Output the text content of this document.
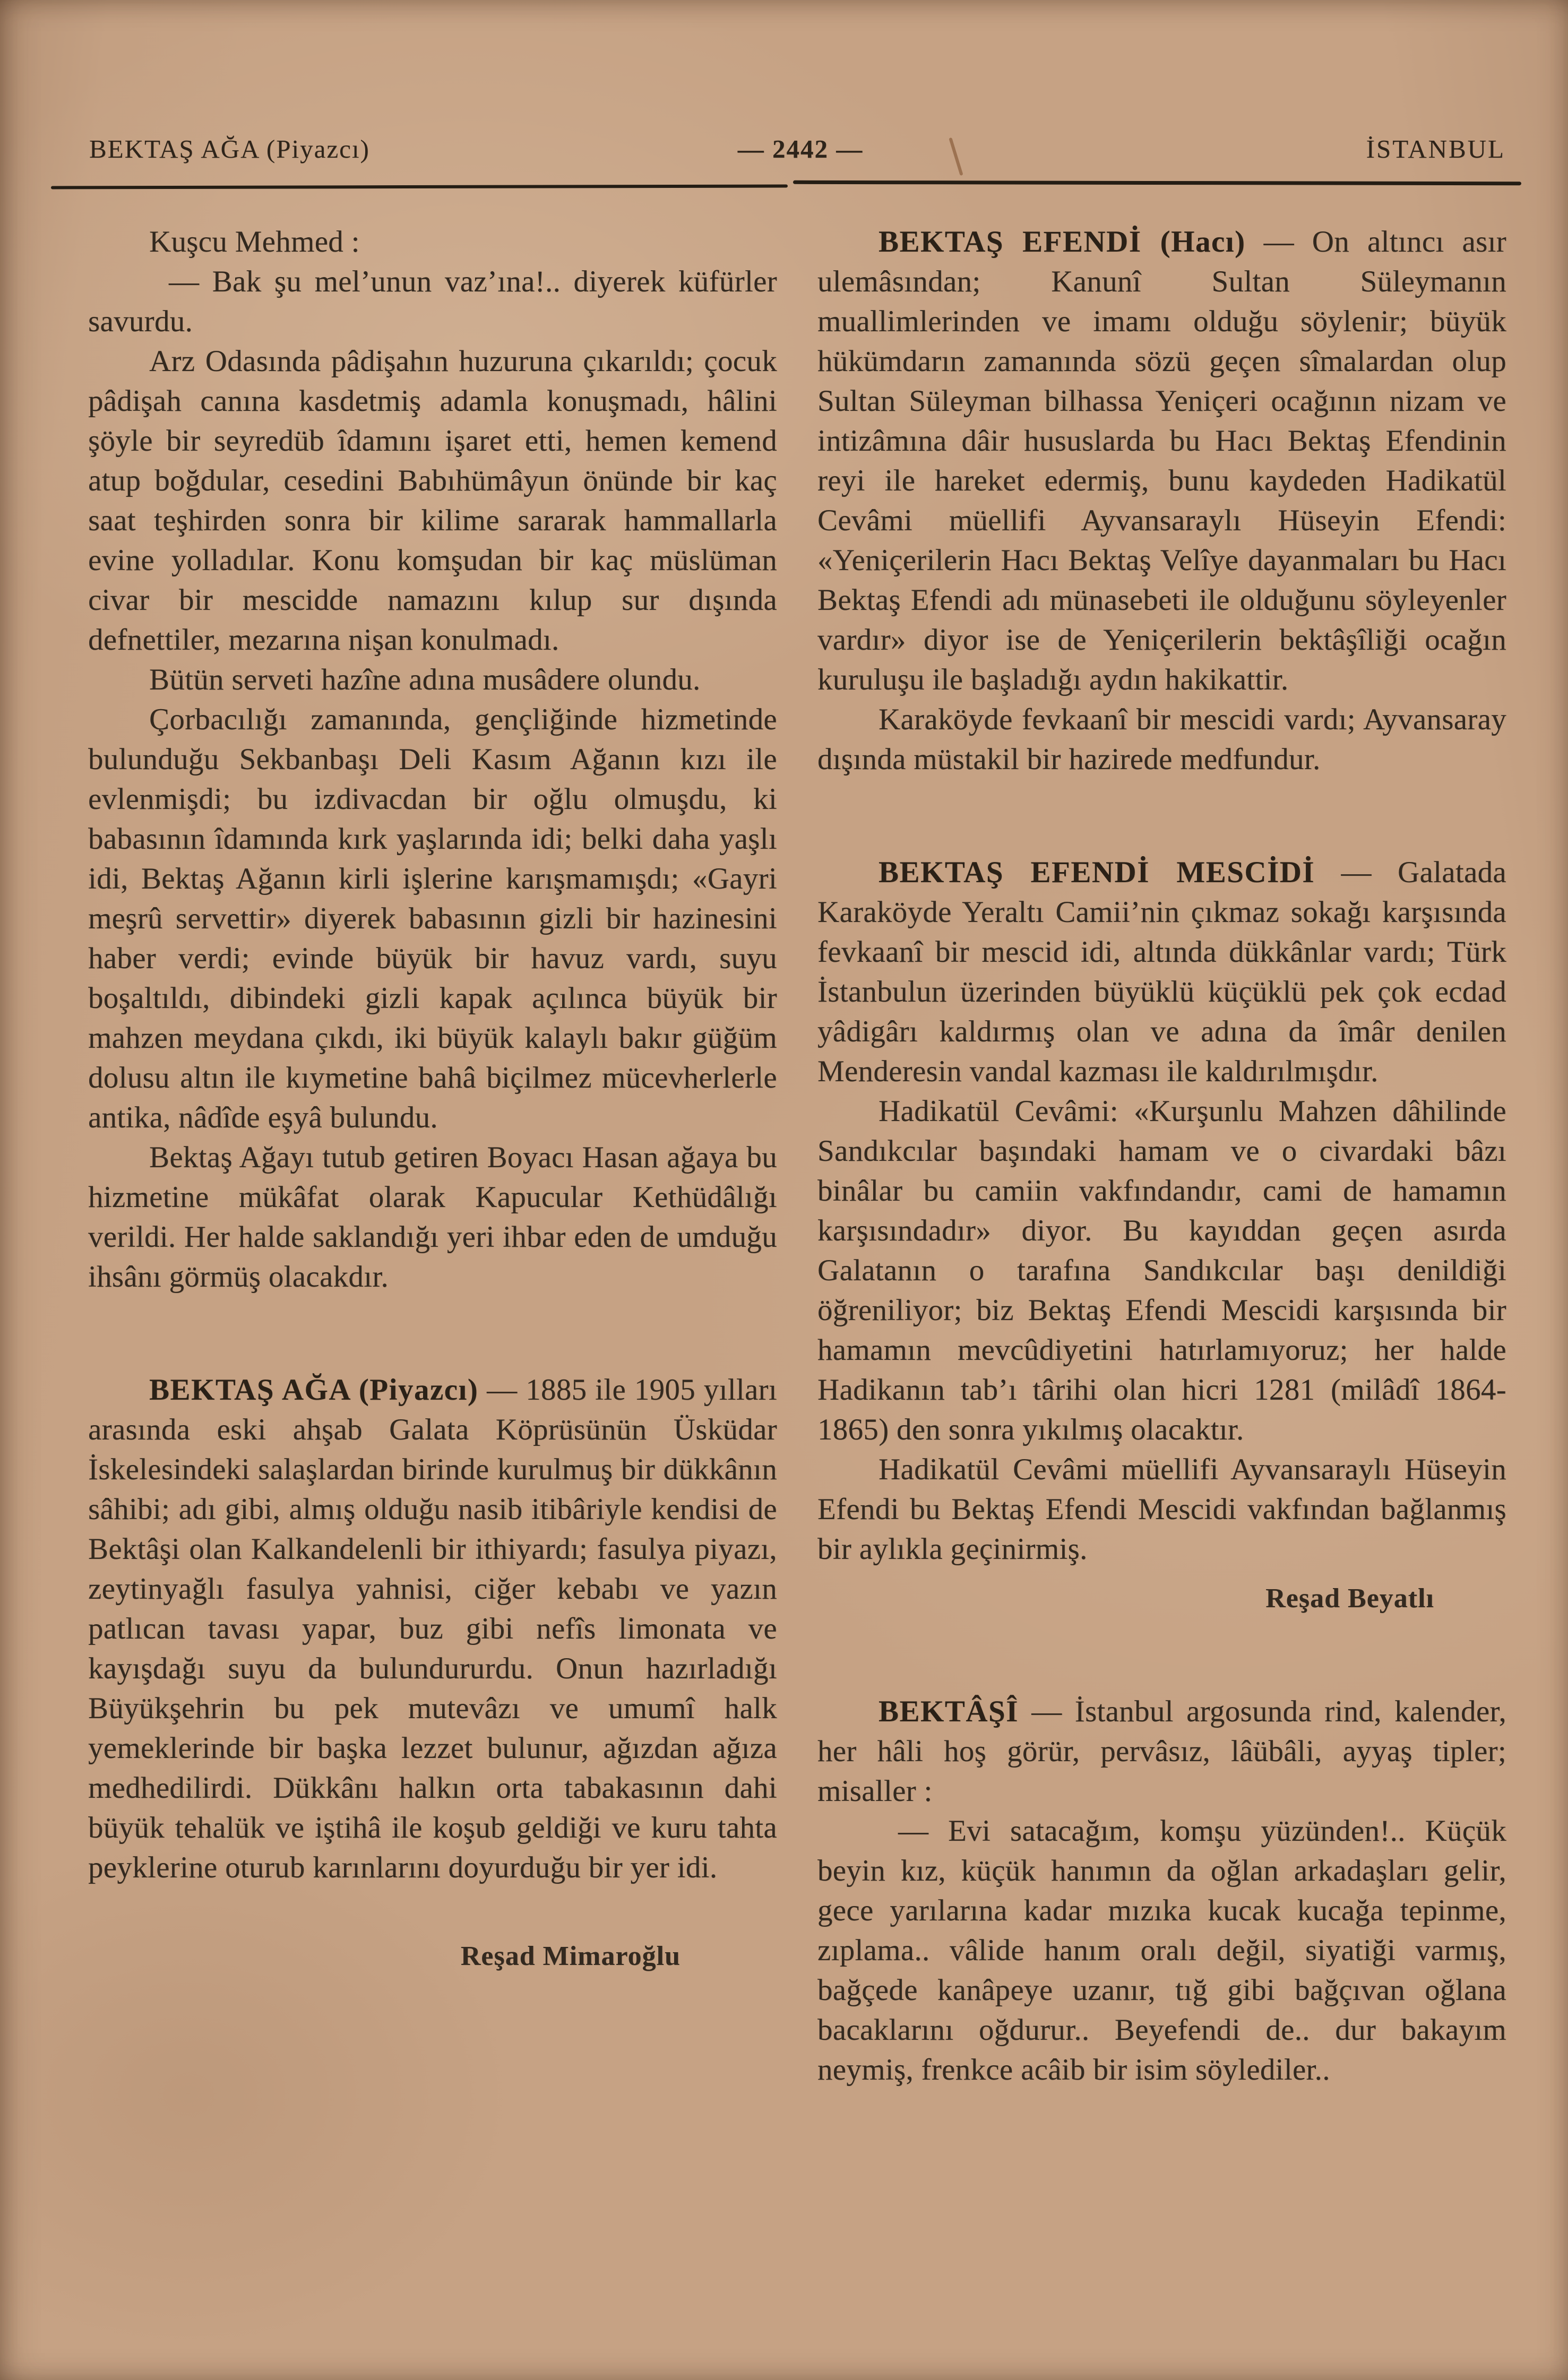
BEKTAŞ AĞA (Piyazcı)	— 2442 —	İSTANBUL

Kuşcu Mehmed :

— Bak şu mel’unun vaz’ına!.. diyerek küfürler savurdu.

Arz Odasında pâdişahın huzuruna çıkarıldı; çocuk pâdişah canına kasdetmiş adamla konuşmadı, hâlini şöyle bir seyredüb îdamını işaret etti, hemen kemend atup boğdular, cesedini Babıhümâyun önünde bir kaç saat teşhirden sonra bir kilime sararak hammallarla evine yolladılar. Konu komşudan bir kaç müslüman civar bir mescidde namazını kılup sur dışında defnettiler, mezarına nişan konulmadı.

Bütün serveti hazîne adına musâdere olundu.

Çorbacılığı zamanında, gençliğinde hizmetinde bulunduğu Sekbanbaşı Deli Kasım Ağanın kızı ile evlenmişdi; bu izdivacdan bir oğlu olmuşdu, ki babasının îdamında kırk yaşlarında idi; belki daha yaşlı idi, Bektaş Ağanın kirli işlerine karışmamışdı; «Gayri meşrû servettir» diyerek babasının gizli bir hazinesini haber verdi; evinde büyük bir havuz vardı, suyu boşaltıldı, dibindeki gizli kapak açılınca büyük bir mahzen meydana çıkdı, iki büyük kalaylı bakır güğüm dolusu altın ile kıymetine bahâ biçilmez mücevherlerle antika, nâdîde eşyâ bulundu.

Bektaş Ağayı tutub getiren Boyacı Hasan ağaya bu hizmetine mükâfat olarak Kapucular Kethüdâlığı verildi. Her halde saklandığı yeri ihbar eden de umduğu ihsânı görmüş olacakdır.

BEKTAŞ AĞA (Piyazcı) — 1885 ile 1905 yılları arasında eski ahşab Galata Köprüsünün Üsküdar İskelesindeki salaşlardan birinde kurulmuş bir dükkânın sâhibi; adı gibi, almış olduğu nasib itibâriyle kendisi de Bektâşi olan Kalkandelenli bir ithiyardı; fasulya piyazı, zeytinyağlı fasulya yahnisi, ciğer kebabı ve yazın patlıcan tavası yapar, buz gibi nefîs limonata ve kayışdağı suyu da bulundururdu. Onun hazırladığı Büyükşehrin bu pek mutevâzı ve umumî halk yemeklerinde bir başka lezzet bulunur, ağızdan ağıza medhedilirdi. Dükkânı halkın orta tabakasının dahi büyük tehalük ve iştihâ ile koşub geldiği ve kuru tahta peyklerine oturub karınlarını doyurduğu bir yer idi.

Reşad Mimaroğlu

BEKTAŞ EFENDİ (Hacı) — On altıncı asır ulemâsından; Kanunî Sultan Süleymanın muallimlerinden ve imamı olduğu söylenir; büyük hükümdarın zamanında sözü geçen sîmalardan olup Sultan Süleyman bilhassa Yeniçeri ocağının nizam ve intizâmına dâir hususlarda bu Hacı Bektaş Efendinin reyi ile hareket edermiş, bunu kaydeden Hadikatül Cevâmi müellifi Ayvansaraylı Hüseyin Efendi: «Yeniçerilerin Hacı Bektaş Velîye dayanmaları bu Hacı Bektaş Efendi adı münasebeti ile olduğunu söyleyenler vardır» diyor ise de Yeniçerilerin bektâşîliği ocağın kuruluşu ile başladığı aydın hakikattir.

Karaköyde fevkaanî bir mescidi vardı; Ayvansaray dışında müstakil bir hazirede medfundur.

BEKTAŞ EFENDİ MESCİDİ — Galatada Karaköyde Yeraltı Camii’nin çıkmaz sokağı karşısında fevkaanî bir mescid idi, altında dükkânlar vardı; Türk İstanbulun üzerinden büyüklü küçüklü pek çok ecdad yâdigârı kaldırmış olan ve adına da îmâr denilen Menderesin vandal kazması ile kaldırılmışdır.

Hadikatül Cevâmi: «Kurşunlu Mahzen dâhilinde Sandıkcılar başındaki hamam ve o civardaki bâzı binâlar bu camiin vakfındandır, cami de hamamın karşısındadır» diyor. Bu kayıddan geçen asırda Galatanın o tarafına Sandıkcılar başı denildiği öğreniliyor; biz Bektaş Efendi Mescidi karşısında bir hamamın mevcûdiyetini hatırlamıyoruz; her halde Hadikanın tab’ı târihi olan hicri 1281 (milâdî 1864-1865) den sonra yıkılmış olacaktır.

Hadikatül Cevâmi müellifi Ayvansaraylı Hüseyin Efendi bu Bektaş Efendi Mescidi vakfından bağlanmış bir aylıkla geçinirmiş.

Reşad Beyatlı

BEKTÂŞÎ — İstanbul argosunda rind, kalender, her hâli hoş görür, pervâsız, lâübâli, ayyaş tipler; misaller :

— Evi satacağım, komşu yüzünden!.. Küçük beyin kız, küçük hanımın da oğlan arkadaşları gelir, gece yarılarına kadar mızıka kucak kucağa tepinme, zıplama.. vâlide hanım oralı değil, siyatiği varmış, bağçede kanâpeye uzanır, tığ gibi bağçıvan oğlana bacaklarını oğdurur.. Beyefendi de.. dur bakayım neymiş, frenkce acâib bir isim söylediler..
